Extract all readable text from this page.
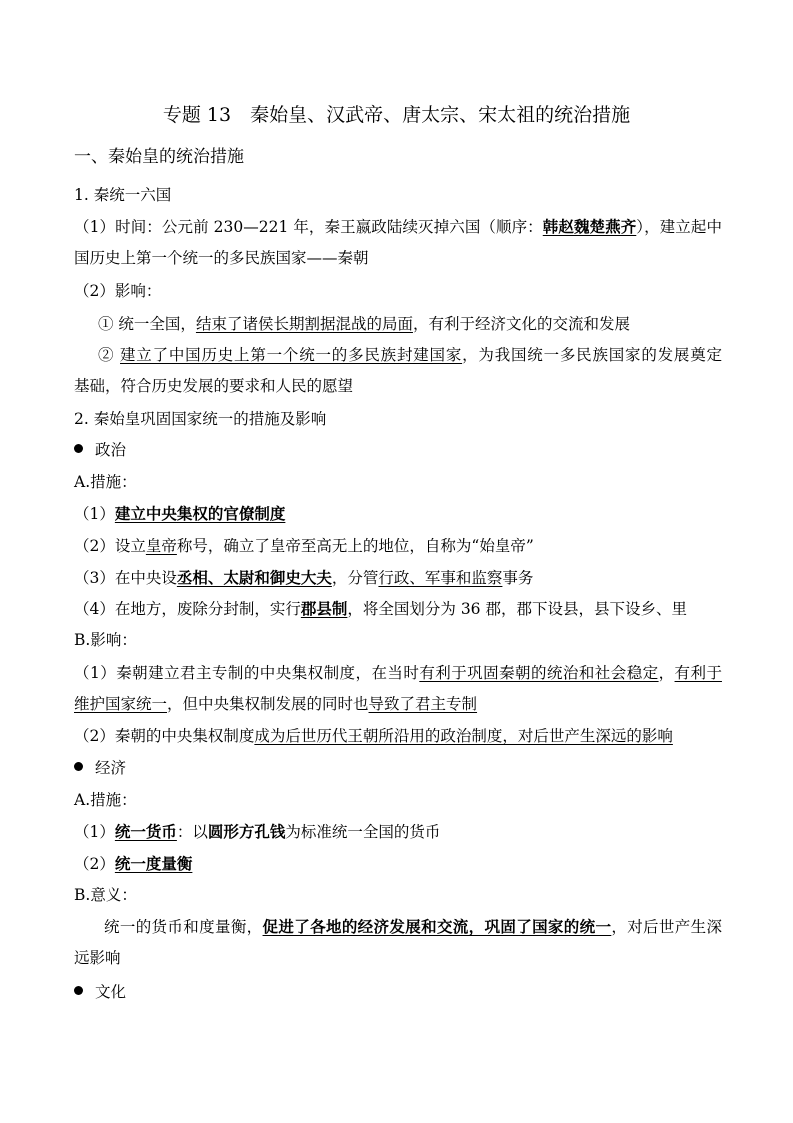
专题 13　秦始皇、汉武帝、唐太宗、宋太祖的统治措施
一、秦始皇的统治措施
1. 秦统一六国
（1）时间：公元前 230—221 年，秦王嬴政陆续灭掉六国（顺序：韩赵魏楚燕齐），建立起中
国历史上第一个统一的多民族国家——秦朝
（2）影响：
① 统一全国，结束了诸侯长期割据混战的局面，有利于经济文化的交流和发展
② 建立了中国历史上第一个统一的多民族封建国家，为我国统一多民族国家的发展奠定
基础，符合历史发展的要求和人民的愿望
2. 秦始皇巩固国家统一的措施及影响
政治
A.措施：
（1）建立中央集权的官僚制度
（2）设立皇帝称号，确立了皇帝至高无上的地位，自称为“始皇帝”
（3）在中央设丞相、太尉和御史大夫，分管行政、军事和监察事务
（4）在地方，废除分封制，实行郡县制，将全国划分为 36 郡，郡下设县，县下设乡、里
B.影响：
（1）秦朝建立君主专制的中央集权制度，在当时有利于巩固秦朝的统治和社会稳定，有利于
维护国家统一，但中央集权制发展的同时也导致了君主专制
（2）秦朝的中央集权制度成为后世历代王朝所沿用的政治制度，对后世产生深远的影响
经济
A.措施：
（1）统一货币：以圆形方孔钱为标准统一全国的货币
（2）统一度量衡
B.意义：
统一的货币和度量衡，促进了各地的经济发展和交流，巩固了国家的统一，对后世产生深
远影响
文化
